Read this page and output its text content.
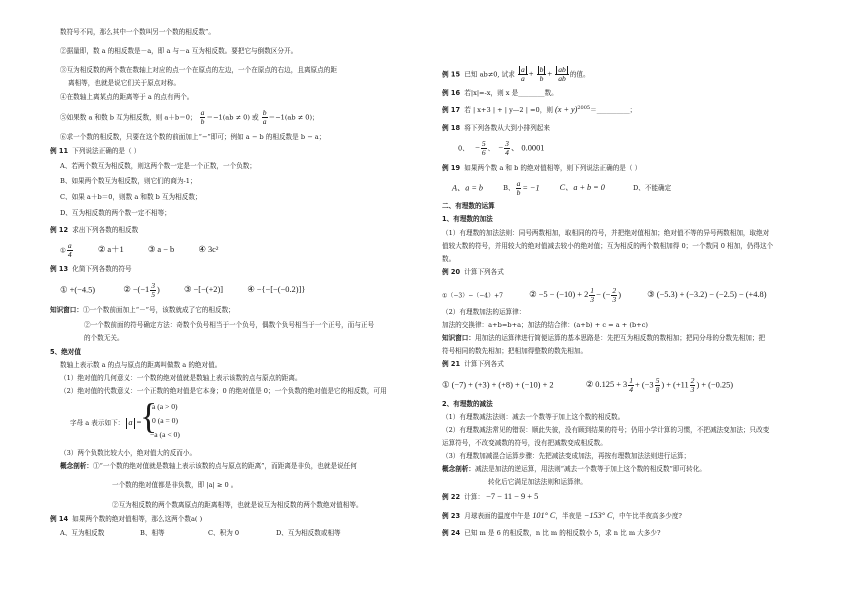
数符号不同，那么其中一个数叫另一个数的相反数”。
②据量即，数 a 的相反数是－a，即 a 与－a 互为相反数。要把它与倒数区分开。
③互为相反数的两个数在数轴上对应的点一个在原点的左边，一个在原点的右边，且离原点的距
离相等，也就是说它们关于原点对称。
④在数轴上离某点的距离等于 a 的点有两个。
⑤如果数 a 和数 b 互为相反数，则 a＋b＝0； $\frac{a}{b} =-1(ab \ne 0)$ 或 $\frac{b}{a} =-1(ab \ne 0)$；
⑥求一个数的相反数，只要在这个数的前面加上“−”即可；例如 a − b 的相反数是 b − a；
例 11 下列说法正确的是（ ）
A、若两个数互为相反数，则这两个数一定是一个正数，一个负数；
B、如果两个数互为相反数，则它们的商为-1；
C、如果 a＋b＝0，则数 a 和数 b 互为相反数；
D、互为相反数的两个数一定不相等；
例 12 求出下列各数的相反数
① $\frac{a}{4}$	② a＋1	③ a − b	④ 3c²
例 13 化简下列各数的符号
① +(−4.5)	② $-(-1 \frac{3}{5}$ )	③ −[−(+2)]	④ −{−[−(−0.2)]}
知识窗口：①一个数前面加上“－”号，该数就成了它的相反数；
②一个数前面的符号确定方法：奇数个负号相当于一个负号，偶数个负号相当于一个正号，而与正号
的个数无关。
5、绝对值
数轴上表示数 a 的点与原点的距离叫做数 a 的绝对值。
（1）绝对值的几何意义：一个数的绝对值就是数轴上表示该数的点与原点的距离。
（2）绝对值的代数意义：一个正数的绝对值是它本身；0 的绝对值是 0；一个负数的绝对值是它的相反数，可用
字母 a 表示如下： a =
{
a (a > 0)
0 (a = 0)
−a (a < 0)
（3）两个负数比较大小，绝对值大的反而小。
概念剖析：①“一个数的绝对值就是数轴上表示该数的点与原点的距离”，而距离是非负，也就是说任何
一个数的绝对值都是非负数，即 |a| ≥ 0 。
②互为相反数的两个数离原点的距离相等，也就是说互为相反数的两个数绝对值相等。
例 14 如果两个数的绝对值相等，那么这两个数a( )
A、互为相反数	B、相等	C、积为 0	D、互为相反数或相等
例 15 已知 ab≠0, 试求 $\frac{a}{a} + \frac{b}{b} + \frac{ab}{ab}$ 的值。
例 16 若|x|=-x，则 x 是________数。
例 17 若 | x+3 | + | y—2 | =0，则 $(x + y)^{2005}=\_\_\_\_\_\_\_\_\_\_$；
例 18 将下列各数从大到小排列起来
0、 − $\frac{5}{6}$ 、 − $\frac{3}{4}$ 、 0.0001
例 19 如果两个数 a 和 b 的绝对值相等，则下列说法正确的是（ ）
A、a = b	B、 $\frac{a}{b} = -1$ C、a + b = 0	D、不能确定
二、有理数的运算
1、有理数的加法
（1）有理数的加法法则：同号两数相加，取相同的符号，并把绝对值相加；绝对值不等的异号两数相加，取绝对
值较大数的符号，并用较大的绝对值减去较小的绝对值；互为相反的两个数相加得 0；一个数同 0 相加，仍得这个
数。
例 20 计算下列各式
①（−3）−（−4）+7	② $-5 - (-10) + 2 \frac{1}{3}$ − (− $\frac{2}{3}$ )	③ (−5.3) + (−3.2) − (−2.5) − (+4.8)
（2）有理数加法的运算律：
加法的交换律：a+b=b+a；加法的结合律：(a+b) + c = a + (b+c)
知识窗口：用加法的运算律进行简便运算的基本思路是：先把互为相反数的数相加；把同分母的分数先相加；把
符号相同的数先相加；把相加得整数的数先相加。
例 21 计算下列各式
① (−7) + (+3) + (+8) + (−10) + 2	② $0.125 + 3 \frac{1}{4} + (-3 \frac{5}{8}$ ) + ($+11 \frac{2}{3}$ ) + (−0.25)
2、有理数的减法
（1）有理数减法法则：减去一个数等于加上这个数的相反数。
（2）有理数减法常见的错误：顺此失彼，没有顾到结果的符号；仍用小学计算的习惯，不把减法变加法；只改变
运算符号，不改变减数的符号，没有把减数变成相反数。
（3）有理数加减混合运算步骤：先把减法变成加法，再按有理数加法法则进行运算；
概念剖析：减法是加法的逆运算，用法则“减去一个数等于加上这个数的相反数”即可转化。
转化后它满足加法法则和运算律。
例 22 计算： −7 − 11 − 9 + 5
例 23 月球表面的温度中午是 101° C，半夜是 −153° C，中午比半夜高多少度?
例 24 已知 m 是 6 的相反数，n 比 m 的相反数小 5，求 n 比 m 大多少?
